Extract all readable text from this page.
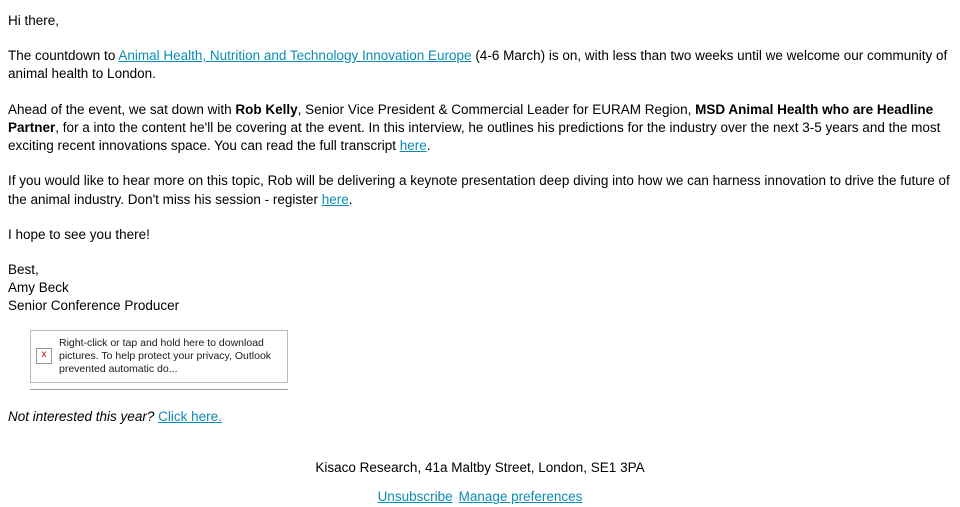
Hi there,

The countdown to Animal Health, Nutrition and Technology Innovation Europe (4-6 March) is on, with less than two weeks until we welcome our community of animal health to London.

Ahead of the event, we sat down with Rob Kelly, Senior Vice President & Commercial Leader for EURAM Region, MSD Animal Health who are Headline Partner, for a into the content he'll be covering at the event. In this interview, he outlines his predictions for the industry over the next 3-5 years and the most exciting recent innovations space. You can read the full transcript here.

If you would like to hear more on this topic, Rob will be delivering a keynote presentation deep diving into how we can harness innovation to drive the future of the animal industry. Don't miss his session - register here.

I hope to see you there!

Best,

Amy Beck

Senior Conference Producer

x
Right-click or tap and hold here to download pictures. To help protect your privacy, Outlook prevented automatic do...
Not interested this year? Click here.
Kisaco Research, 41a Maltby Street, London, SE1 3PA
Unsubscribe Manage preferences
